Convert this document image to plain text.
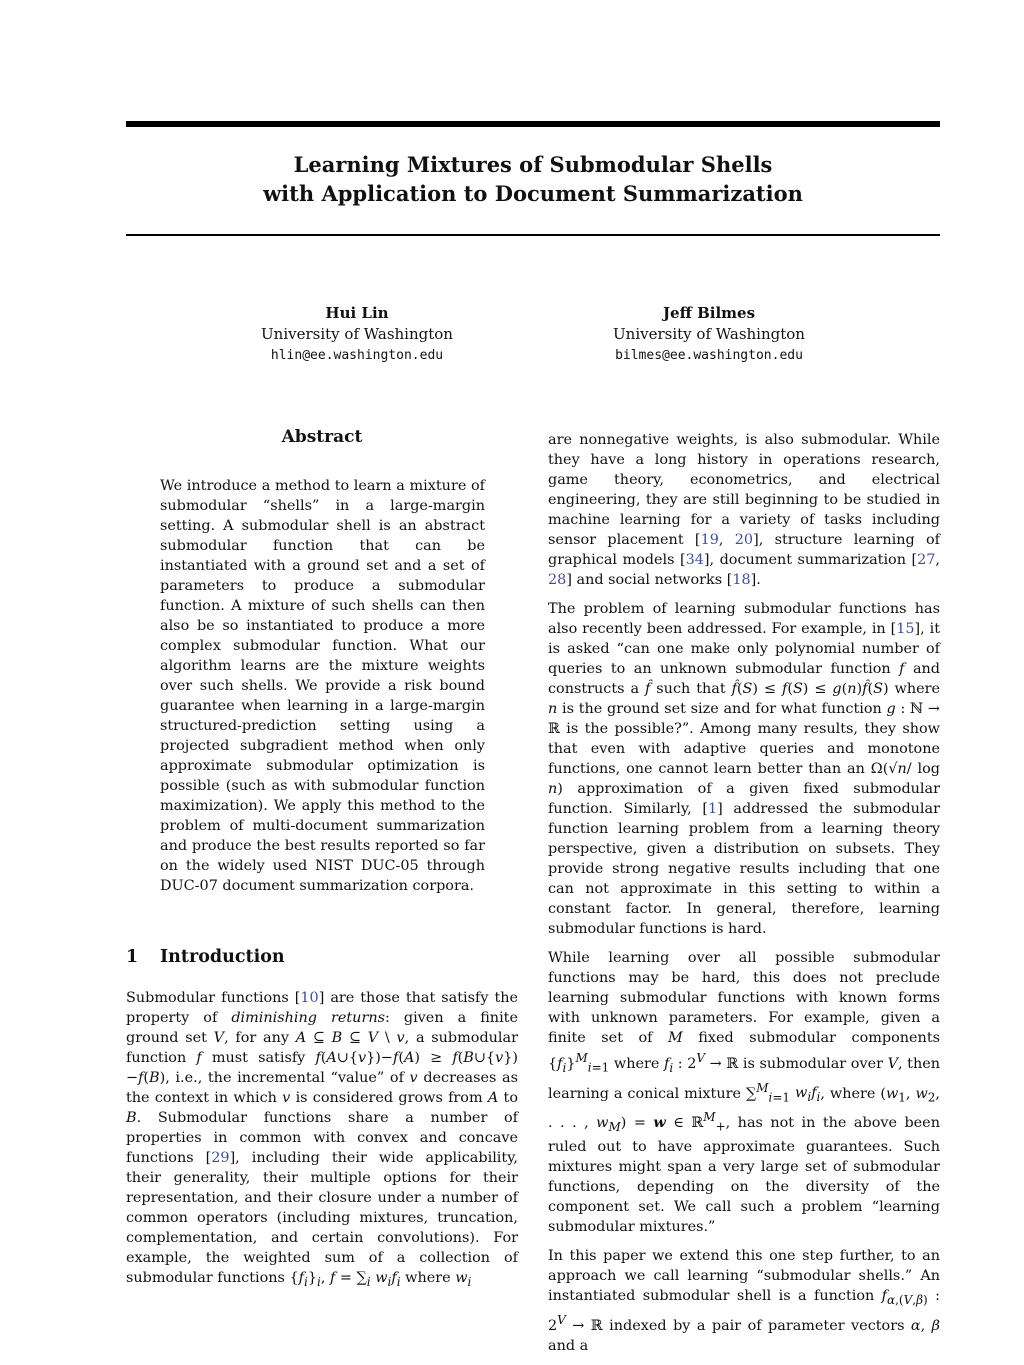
Learning Mixtures of Submodular Shells
with Application to Document Summarization
Hui Lin
University of Washington
hlin@ee.washington.edu
Jeff Bilmes
University of Washington
bilmes@ee.washington.edu
Abstract

We introduce a method to learn a mixture of submodular “shells” in a large-margin setting. A submodular shell is an abstract submodular function that can be instantiated with a ground set and a set of parameters to produce a submodular function. A mixture of such shells can then also be so instantiated to produce a more complex submodular function. What our algorithm learns are the mixture weights over such shells. We provide a risk bound guarantee when learning in a large-margin structured-prediction setting using a projected subgradient method when only approximate submodular optimization is possible (such as with submodular function maximization). We apply this method to the problem of multi-document summarization and produce the best results reported so far on the widely used NIST DUC-05 through DUC-07 document summarization corpora.

1 Introduction

Submodular functions [10] are those that satisfy the property of diminishing returns: given a finite ground set V, for any A ⊆ B ⊆ V \ v, a submodular function f must satisfy f(A∪{v})−f(A) ≥ f(B∪{v})−f(B), i.e., the incremental “value” of v decreases as the context in which v is considered grows from A to B. Submodular functions share a number of properties in common with convex and concave functions [29], including their wide applicability, their generality, their multiple options for their representation, and their closure under a number of common operators (including mixtures, truncation, complementation, and certain convolutions). For example, the weighted sum of a collection of submodular functions $\{f_i\}_i$, $f = \sum_i$ $w_if_i$ where $w_i$

are nonnegative weights, is also submodular. While they have a long history in operations research, game theory, econometrics, and electrical engineering, they are still beginning to be studied in machine learning for a variety of tasks including sensor placement [19, 20], structure learning of graphical models [34], document summarization [27, 28] and social networks [18].

The problem of learning submodular functions has also recently been addressed. For example, in [15], it is asked “can one make only polynomial number of queries to an unknown submodular function f and constructs a f̂ such that f̂(S) ≤ f(S) ≤ g(n)f̂(S) where n is the ground set size and for what function g : ℕ → ℝ is the possible?”. Among many results, they show that even with adaptive queries and monotone functions, one cannot learn better than an Ω(√n/ log n) approximation of a given fixed submodular function. Similarly, [1] addressed the submodular function learning problem from a learning theory perspective, given a distribution on subsets. They provide strong negative results including that one can not approximate in this setting to within a constant factor. In general, therefore, learning submodular functions is hard.

While learning over all possible submodular functions may be hard, this does not preclude learning submodular functions with known forms with unknown parameters. For example, given a finite set of M fixed submodular components $\{f_i\}^M_{i=1}$ where $f_i$ : $2^V$ → ℝ is submodular over V, then learning a conical mixture ∑$^M_{i=1}$ $w_if_i$, where ($w_1$, $w_2$, . . . , $w_M) = w$ ∈ ℝ$^M_+$, has not in the above been ruled out to have approximate guarantees. Such mixtures might span a very large set of submodular functions, depending on the diversity of the component set. We call such a problem “learning submodular mixtures.”

In this paper we extend this one step further, to an approach we call learning “submodular shells.” An instantiated submodular shell is a function $f_{\alpha,(V,\beta)}$ : $2^V$ → ℝ indexed by a pair of parameter vectors α, β and a
